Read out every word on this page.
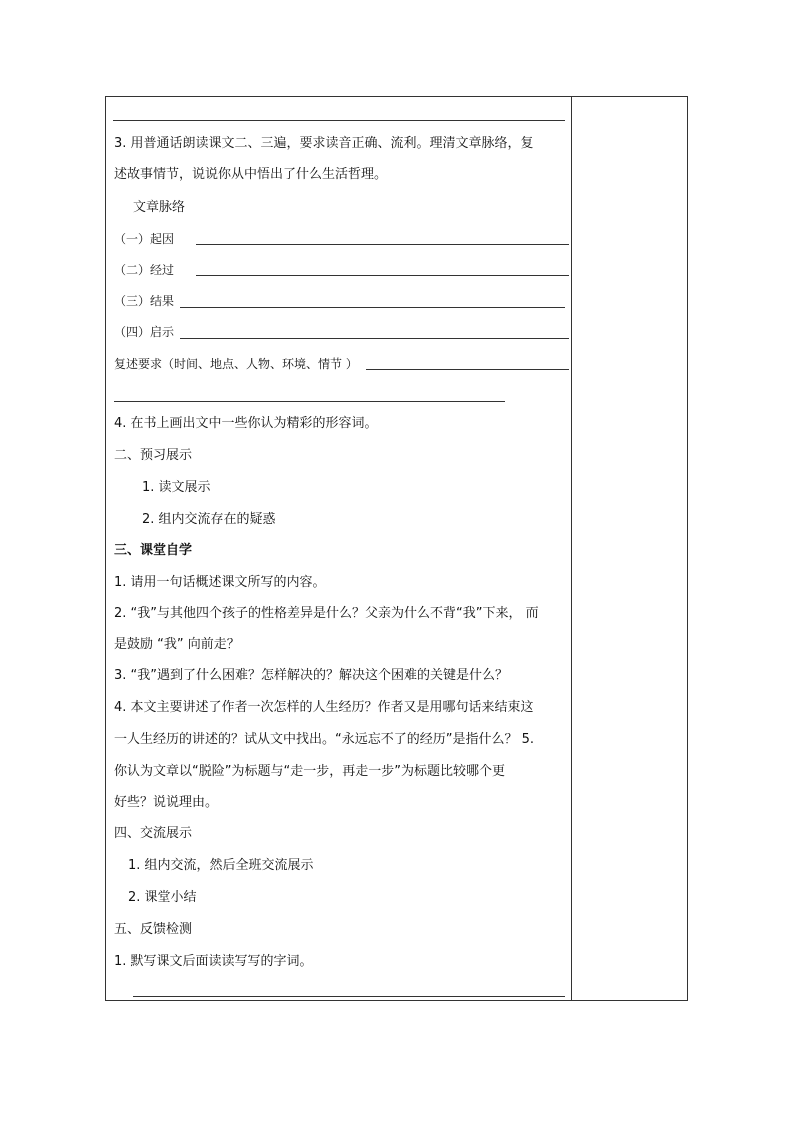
3. 用普通话朗读课文二、三遍，要求读音正确、流利。理清文章脉络，复
述故事情节，说说你从中悟出了什么生活哲理。
文章脉络
（一）起因
（二）经过
（三）结果
（四）启示
复述要求（时间、地点、人物、环境、情节 ）
4. 在书上画出文中一些你认为精彩的形容词。
二、预习展示
1. 读文展示
2. 组内交流存在的疑惑
三、课堂自学
1. 请用一句话概述课文所写的内容。
2. “我”与其他四个孩子的性格差异是什么？父亲为什么不背“我”下来， 而
是鼓励 “我” 向前走？
3. “我”遇到了什么困难？怎样解决的？解决这个困难的关键是什么？
4. 本文主要讲述了作者一次怎样的人生经历？作者又是用哪句话来结束这
一人生经历的讲述的？试从文中找出。“永远忘不了的经历”是指什么？ 5.
你认为文章以“脱险”为标题与“走一步，再走一步”为标题比较哪个更
好些？说说理由。
四、交流展示
1. 组内交流，然后全班交流展示
2. 课堂小结
五、反馈检测
1. 默写课文后面读读写写的字词。
